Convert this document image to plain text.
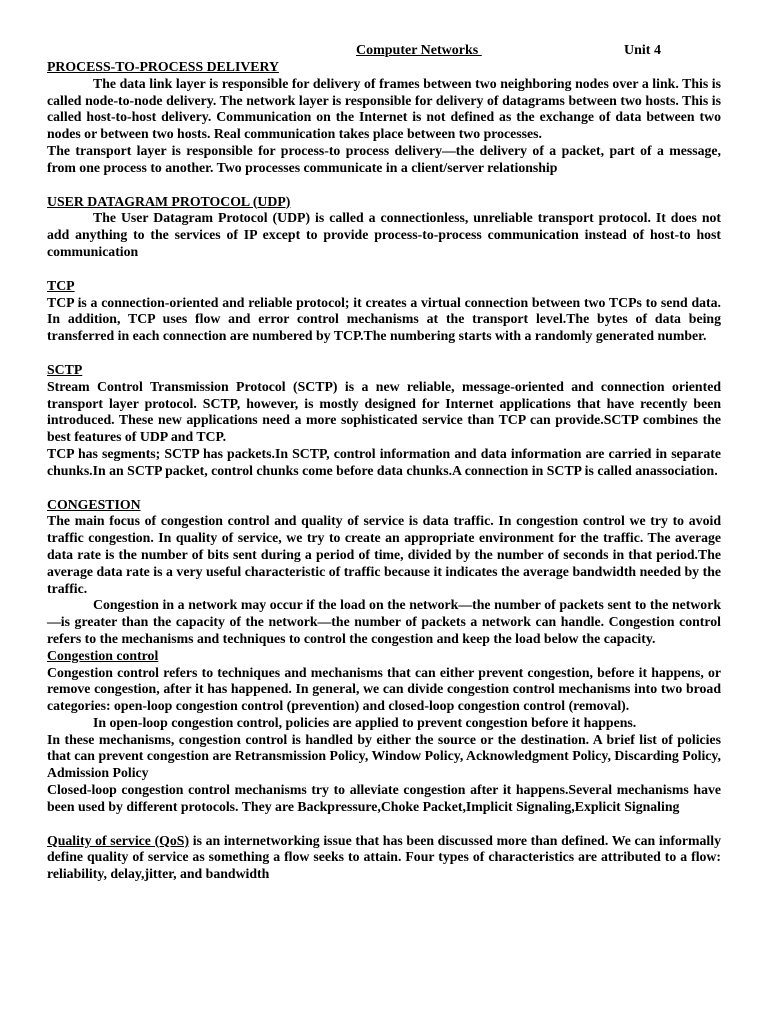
Computer Networks	Unit 4
PROCESS-TO-PROCESS DELIVERY

The data link layer is responsible for delivery of frames between two neighboring nodes over a link. This is called node-to-node delivery. The network layer is responsible for delivery of datagrams between two hosts. This is called host-to-host delivery. Communication on the Internet is not defined as the exchange of data between two nodes or between two hosts. Real communication takes place between two processes.

The transport layer is responsible for process-to process delivery—the delivery of a packet, part of a message, from one process to another. Two processes communicate in a client/server relationship

USER DATAGRAM PROTOCOL (UDP)

The User Datagram Protocol (UDP) is called a connectionless, unreliable transport protocol. It does not add anything to the services of IP except to provide process-to-process communication instead of host-to host communication

TCP

TCP is a connection-oriented and reliable protocol; it creates a virtual connection between two TCPs to send data. In addition, TCP uses flow and error control mechanisms at the transport level.The bytes of data being transferred in each connection are numbered by TCP.The numbering starts with a randomly generated number.

SCTP

Stream Control Transmission Protocol (SCTP) is a new reliable, message-oriented and connection oriented transport layer protocol. SCTP, however, is mostly designed for Internet applications that have recently been introduced. These new applications need a more sophisticated service than TCP can provide.SCTP combines the best features of UDP and TCP.

TCP has segments; SCTP has packets.In SCTP, control information and data information are carried in separate chunks.In an SCTP packet, control chunks come before data chunks.A connection in SCTP is called anassociation.

CONGESTION

The main focus of congestion control and quality of service is data traffic. In congestion control we try to avoid traffic congestion. In quality of service, we try to create an appropriate environment for the traffic. The average data rate is the number of bits sent during a period of time, divided by the number of seconds in that period.The average data rate is a very useful characteristic of traffic because it indicates the average bandwidth needed by the traffic.

Congestion in a network may occur if the load on the network—the number of packets sent to the network—is greater than the capacity of the network—the number of packets a network can handle. Congestion control refers to the mechanisms and techniques to control the congestion and keep the load below the capacity.

Congestion control

Congestion control refers to techniques and mechanisms that can either prevent congestion, before it happens, or remove congestion, after it has happened. In general, we can divide congestion control mechanisms into two broad categories: open-loop congestion control (prevention) and closed-loop congestion control (removal).

In open-loop congestion control, policies are applied to prevent congestion before it happens.

In these mechanisms, congestion control is handled by either the source or the destination. A brief list of policies that can prevent congestion are Retransmission Policy, Window Policy, Acknowledgment Policy, Discarding Policy, Admission Policy

Closed-loop congestion control mechanisms try to alleviate congestion after it happens.Several mechanisms have been used by different protocols. They are Backpressure,Choke Packet,Implicit Signaling,Explicit Signaling

Quality of service (QoS) is an internetworking issue that has been discussed more than defined. We can informally define quality of service as something a flow seeks to attain. Four types of characteristics are attributed to a flow: reliability, delay,jitter, and bandwidth
